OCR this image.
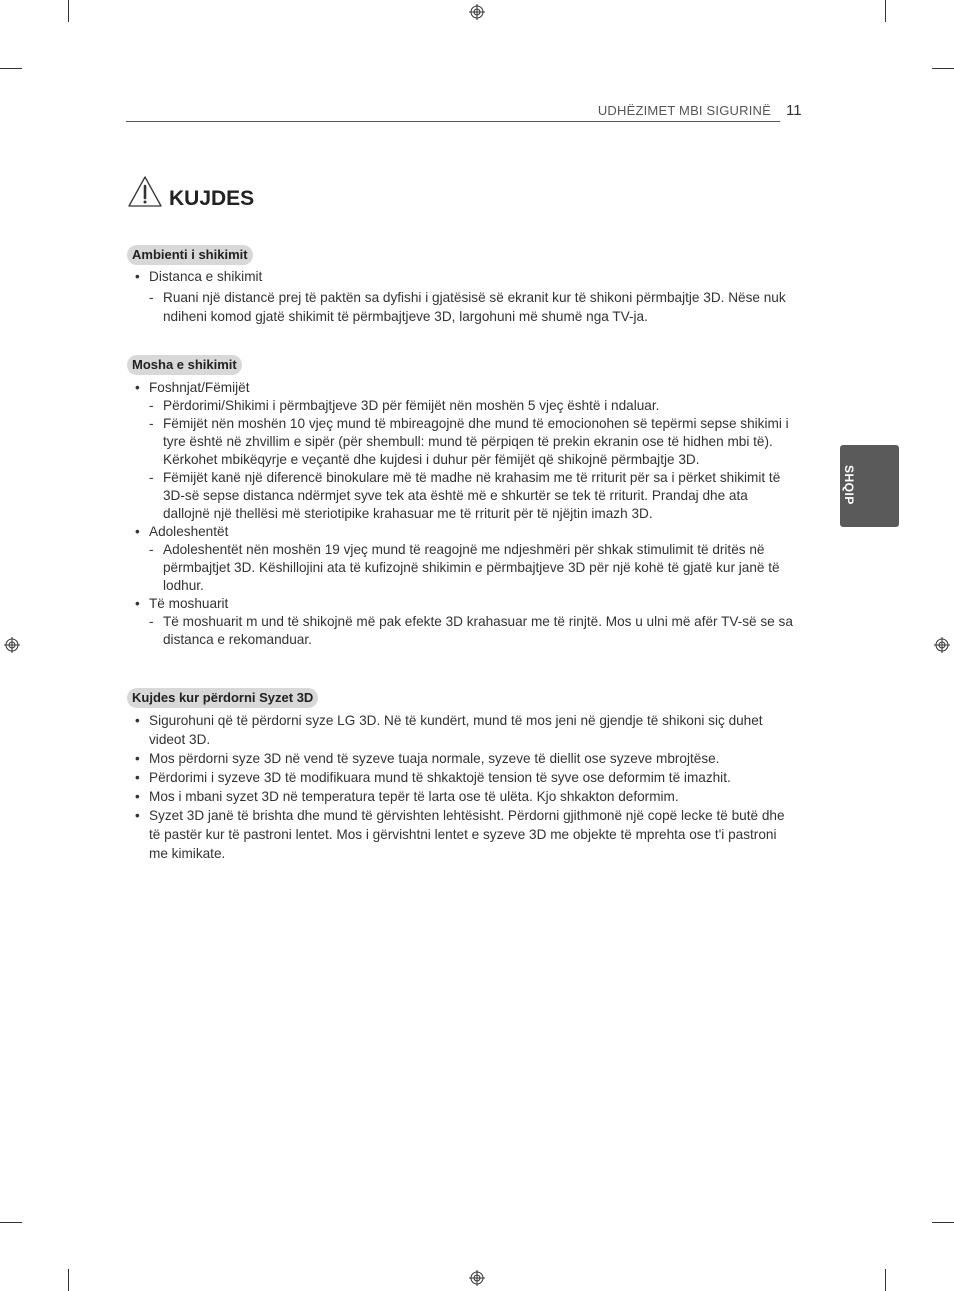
UDHËZIMET MBI SIGURINË 11
SHQIP
KUJDES
Ambienti i shikimit
• Distanca e shikimit
- Ruani një distancë prej të paktën sa dyfishi i gjatësisë së ekranit kur të shikoni përmbajtje 3D. Nëse nuk ndiheni komod gjatë shikimit të përmbajtjeve 3D, largohuni më shumë nga TV-ja.
Mosha e shikimit
• Foshnjat/Fëmijët
- Përdorimi/Shikimi i përmbajtjeve 3D për fëmijët nën moshën 5 vjeç është i ndaluar.
- Fëmijët nën moshën 10 vjeç mund të mbireagojnë dhe mund të emocionohen së tepërmi sepse shikimi i tyre është në zhvillim e sipër (për shembull: mund të përpiqen të prekin ekranin ose të hidhen mbi të). Kërkohet mbikëqyrje e veçantë dhe kujdesi i duhur për fëmijët që shikojnë përmbajtje 3D.
- Fëmijët kanë një diferencë binokulare më të madhe në krahasim me të rriturit për sa i përket shikimit të 3D-së sepse distanca ndërmjet syve tek ata është më e shkurtër se tek të rriturit. Prandaj dhe ata dallojnë një thellësi më steriotipike krahasuar me të rriturit për të njëjtin imazh 3D.
• Adoleshentët
- Adoleshentët nën moshën 19 vjeç mund të reagojnë me ndjeshmëri për shkak stimulimit të dritës në përmbajtjet 3D. Këshillojini ata të kufizojnë shikimin e përmbajtjeve 3D për një kohë të gjatë kur janë të lodhur.
• Të moshuarit
- Të moshuarit m und të shikojnë më pak efekte 3D krahasuar me të rinjtë. Mos u ulni më afër TV-së se sa distanca e rekomanduar.
Kujdes kur përdorni Syzet 3D
• Sigurohuni që të përdorni syze LG 3D. Në të kundërt, mund të mos jeni në gjendje të shikoni siç duhet videot 3D.
• Mos përdorni syze 3D në vend të syzeve tuaja normale, syzeve të diellit ose syzeve mbrojtëse.
• Përdorimi i syzeve 3D të modifikuara mund të shkaktojë tension të syve ose deformim të imazhit.
• Mos i mbani syzet 3D në temperatura tepër të larta ose të ulëta. Kjo shkakton deformim.
• Syzet 3D janë të brishta dhe mund të gërvishten lehtësisht. Përdorni gjithmonë një copë lecke të butë dhe të pastër kur të pastroni lentet. Mos i gërvishtni lentet e syzeve 3D me objekte të mprehta ose t'i pastroni me kimikate.
